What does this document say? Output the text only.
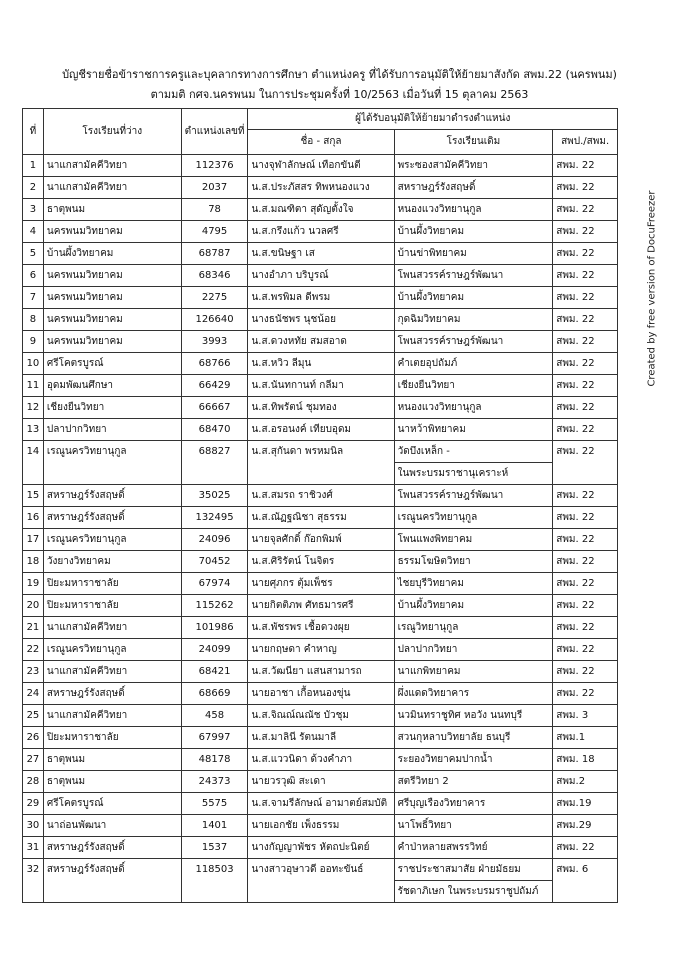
บัญชีรายชื่อข้าราชการครูและบุคลากรทางการศึกษา ตำแหน่งครู ที่ได้รับการอนุมัติให้ย้ายมาสังกัด สพม.22 (นครพนม)
ตามมติ กศจ.นครพนม ในการประชุมครั้งที่ 10/2563 เมื่อวันที่ 15 ตุลาคม 2563
Created by free version of DocuFreezer
ที่	โรงเรียนที่ว่าง	ตำแหน่งเลขที่	ผู้ได้รับอนุมัติให้ย้ายมาดำรงตำแหน่ง		
			ชื่อ - สกุล	โรงเรียนเดิม	สพป./สพม.
1	นาแกสามัคคีวิทยา	112376	นางจุฬาลักษณ์ เทือกขันตี	พระซองสามัคคีวิทยา	สพม. 22
2	นาแกสามัคคีวิทยา	2037	น.ส.ประภัสสร ทิพหนองแวง	สหราษฎร์รังสฤษดิ์	สพม. 22
3	ธาตุพนม	78	น.ส.มณฑิตา สุดัญตั้งใจ	หนองแวงวิทยานุกูล	สพม. 22
4	นครพนมวิทยาคม	4795	น.ส.กรึงแก้ว นวลศรี	บ้านผึ้งวิทยาคม	สพม. 22
5	บ้านผึ้งวิทยาคม	68787	น.ส.ขนิษฐา เส	บ้านข่าพิทยาคม	สพม. 22
6	นครพนมวิทยาคม	68346	นางอำภา บริบูรณ์	โพนสวรรค์ราษฎร์พัฒนา	สพม. 22
7	นครพนมวิทยาคม	2275	น.ส.พรพิมล ดีพรม	บ้านผึ้งวิทยาคม	สพม. 22
8	นครพนมวิทยาคม	126640	นางธนัชพร นุชน้อย	กุดฉิมวิทยาคม	สพม. 22
9	นครพนมวิทยาคม	3993	น.ส.ดวงหทัย สมสอาด	โพนสวรรค์ราษฎร์พัฒนา	สพม. 22
10	ศรีโคตรบูรณ์	68766	น.ส.หวิว ลีมุน	คำเตยอุปถัมภ์	สพม. 22
11	อุดมพัฒนศึกษา	66429	น.ส.นันทกานท์ กลีมา	เชียงยืนวิทยา	สพม. 22
12	เชียงยืนวิทยา	66667	น.ส.ทิพรัตน์ ชุมทอง	หนองแวงวิทยานุกูล	สพม. 22
13	ปลาปากวิทยา	68470	น.ส.อรอนงค์ เทียบอุดม	นาหว้าพิทยาคม	สพม. 22
14	เรณูนครวิทยานุกูล	68827	น.ส.สุกันดา พรหมนิล	วัดบึงเหล็ก -	สพม. 22
				ในพระบรมราชานุเคราะห์	
15	สหราษฎร์รังสฤษดิ์	35025	น.ส.สมรถ ราชิวงศ์	โพนสวรรค์ราษฎร์พัฒนา	สพม. 22
16	สหราษฎร์รังสฤษดิ์	132495	น.ส.ณัฏฐณิชา สุธรรม	เรณูนครวิทยานุกูล	สพม. 22
17	เรณูนครวิทยานุกูล	24096	นายจุลศักดิ์ ก๊อกพิมพ์	โพนแพงพิทยาคม	สพม. 22
18	วังยางวิทยาคม	70452	น.ส.ศิริรัตน์ โนจิตร	ธรรมโฆษิตวิทยา	สพม. 22
19	ปิยะมหาราชาลัย	67974	นายศุภกร ตุ้มเพ็ชร	ไชยบุรีวิทยาคม	สพม. 22
20	ปิยะมหาราชาลัย	115262	นายกิตติภพ ศัทธมารศรี	บ้านผึ้งวิทยาคม	สพม. 22
21	นาแกสามัคคีวิทยา	101986	น.ส.พัชรพร เชื้อดวงผุย	เรณูวิทยานุกูล	สพม. 22
22	เรณูนครวิทยานุกูล	24099	นายกฤษดา คำหาญ	ปลาปากวิทยา	สพม. 22
23	นาแกสามัคคีวิทยา	68421	น.ส.วัฒนียา แสนสามารถ	นาแกพิทยาคม	สพม. 22
24	สหราษฎร์รังสฤษดิ์	68669	นายอาชา เกื้อหนองขุ่น	ผึ่งแดดวิทยาคาร	สพม. 22
25	นาแกสามัคคีวิทยา	458	น.ส.จิณณ์ณณัช บัวชุม	นวมินทราชูทิศ หอวัง นนทบุรี	สพม. 3
26	ปิยะมหาราชาลัย	67997	น.ส.มาลินี รัตนมาลี	สวนกุหลาบวิทยาลัย ธนบุรี	สพม.1
27	ธาตุพนม	48178	น.ส.แววนิดา ด้วงคำภา	ระยองวิทยาคมปากน้ำ	สพม. 18
28	ธาตุพนม	24373	นายวรวุฒิ สะเดา	สตรีวิทยา 2	สพม.2
29	ศรีโคตรบูรณ์	5575	น.ส.จามรีลักษณ์ อามาตย์สมบัติ	ศรีบุญเรืองวิทยาคาร	สพม.19
30	นาถ่อนพัฒนา	1401	นายเอกชัย เพ็งธรรม	นาโพธิ์วิทยา	สพม.29
31	สหราษฎร์รังสฤษดิ์	1537	นางกัญญาพัชร หัตถปะนิตย์	คำป่าหลายสพรรวิทย์	สพม. 22
32	สหราษฎร์รังสฤษดิ์	118503	นางสาวอุษาวดี ออทะขันธ์	ราชประชาสมาสัย ฝ่ายมัธยม	สพม. 6
				รัชดาภิเษก ในพระบรมราชูปถัมภ์	
